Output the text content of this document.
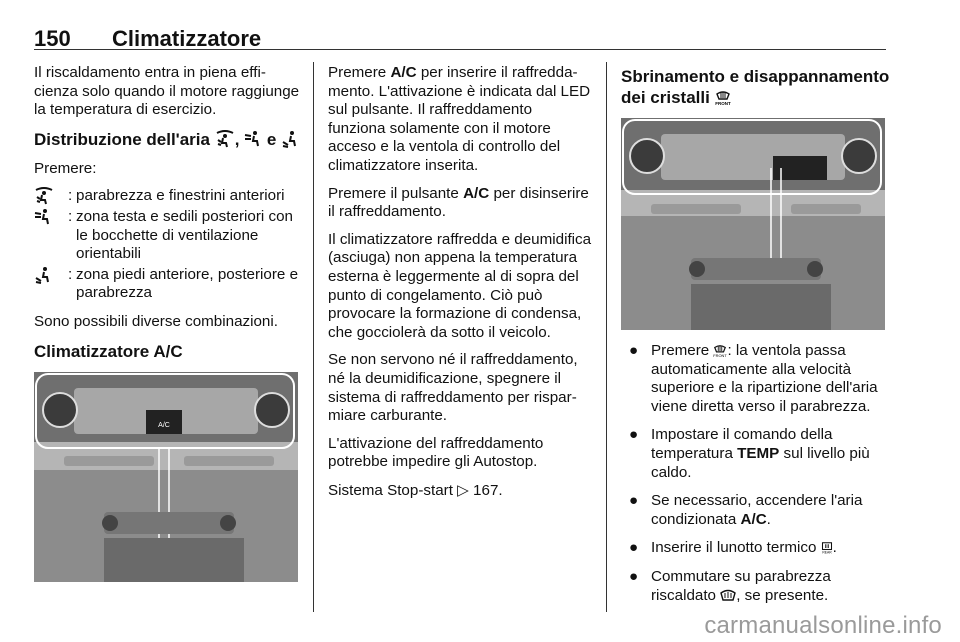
150 Climatizzatore

Il riscaldamento entra in piena efficienza solo quando il motore raggiunge la temperatura di esercizio.

Distribuzione dell'aria , e

Premere:

: parabrezza e finestrini anteriori
: zona testa e sedili posteriori con le bocchette di ventilazione orientabili
: zona piedi anteriore, posteriore e parabrezza

Sono possibili diverse combinazioni.

Climatizzatore A/C
A/C

Premere A/C per inserire il raffreddamento. L'attivazione è indicata dal LED sul pulsante. Il raffreddamento funziona solamente con il motore acceso e la ventola di controllo del climatizzatore inserita.

Premere il pulsante A/C per disinserire il raffreddamento.

Il climatizzatore raffredda e deumidifica (asciuga) non appena la temperatura esterna è leggermente al di sopra del punto di congelamento. Ciò può provocare la formazione di condensa, che gocciolerà da sotto il veicolo.

Se non servono né il raffreddamento, né la deumidificazione, spegnere il sistema di raffreddamento per risparmiare carburante.

L'attivazione del raffreddamento potrebbe impedire gli Autostop.

Sistema Stop-start ▷ 167.

Sbrinamento e disappannamento dei cristalli FRONT
● Premere FRONT : la ventola passa automaticamente alla velocità superiore e la ripartizione dell'aria viene diretta verso il parabrezza.
● Impostare il comando della temperatura TEMP sul livello più caldo.
● Se necessario, accendere l'aria condizionata A/C.
● Inserire il lunotto termico REAR .
● Commutare su parabrezza riscaldato , se presente.
carmanualsonline.info
